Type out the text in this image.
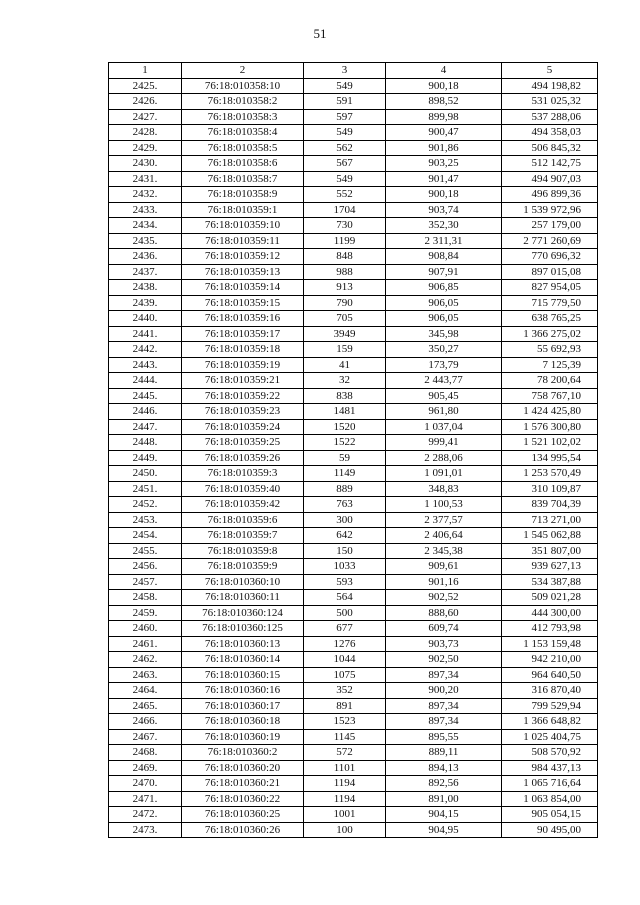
51
1	2	3	4	5
2425.	76:18:010358:10	549	900,18	494 198,82
2426.	76:18:010358:2	591	898,52	531 025,32
2427.	76:18:010358:3	597	899,98	537 288,06
2428.	76:18:010358:4	549	900,47	494 358,03
2429.	76:18:010358:5	562	901,86	506 845,32
2430.	76:18:010358:6	567	903,25	512 142,75
2431.	76:18:010358:7	549	901,47	494 907,03
2432.	76:18:010358:9	552	900,18	496 899,36
2433.	76:18:010359:1	1704	903,74	1 539 972,96
2434.	76:18:010359:10	730	352,30	257 179,00
2435.	76:18:010359:11	1199	2 311,31	2 771 260,69
2436.	76:18:010359:12	848	908,84	770 696,32
2437.	76:18:010359:13	988	907,91	897 015,08
2438.	76:18:010359:14	913	906,85	827 954,05
2439.	76:18:010359:15	790	906,05	715 779,50
2440.	76:18:010359:16	705	906,05	638 765,25
2441.	76:18:010359:17	3949	345,98	1 366 275,02
2442.	76:18:010359:18	159	350,27	55 692,93
2443.	76:18:010359:19	41	173,79	7 125,39
2444.	76:18:010359:21	32	2 443,77	78 200,64
2445.	76:18:010359:22	838	905,45	758 767,10
2446.	76:18:010359:23	1481	961,80	1 424 425,80
2447.	76:18:010359:24	1520	1 037,04	1 576 300,80
2448.	76:18:010359:25	1522	999,41	1 521 102,02
2449.	76:18:010359:26	59	2 288,06	134 995,54
2450.	76:18:010359:3	1149	1 091,01	1 253 570,49
2451.	76:18:010359:40	889	348,83	310 109,87
2452.	76:18:010359:42	763	1 100,53	839 704,39
2453.	76:18:010359:6	300	2 377,57	713 271,00
2454.	76:18:010359:7	642	2 406,64	1 545 062,88
2455.	76:18:010359:8	150	2 345,38	351 807,00
2456.	76:18:010359:9	1033	909,61	939 627,13
2457.	76:18:010360:10	593	901,16	534 387,88
2458.	76:18:010360:11	564	902,52	509 021,28
2459.	76:18:010360:124	500	888,60	444 300,00
2460.	76:18:010360:125	677	609,74	412 793,98
2461.	76:18:010360:13	1276	903,73	1 153 159,48
2462.	76:18:010360:14	1044	902,50	942 210,00
2463.	76:18:010360:15	1075	897,34	964 640,50
2464.	76:18:010360:16	352	900,20	316 870,40
2465.	76:18:010360:17	891	897,34	799 529,94
2466.	76:18:010360:18	1523	897,34	1 366 648,82
2467.	76:18:010360:19	1145	895,55	1 025 404,75
2468.	76:18:010360:2	572	889,11	508 570,92
2469.	76:18:010360:20	1101	894,13	984 437,13
2470.	76:18:010360:21	1194	892,56	1 065 716,64
2471.	76:18:010360:22	1194	891,00	1 063 854,00
2472.	76:18:010360:25	1001	904,15	905 054,15
2473.	76:18:010360:26	100	904,95	90 495,00
